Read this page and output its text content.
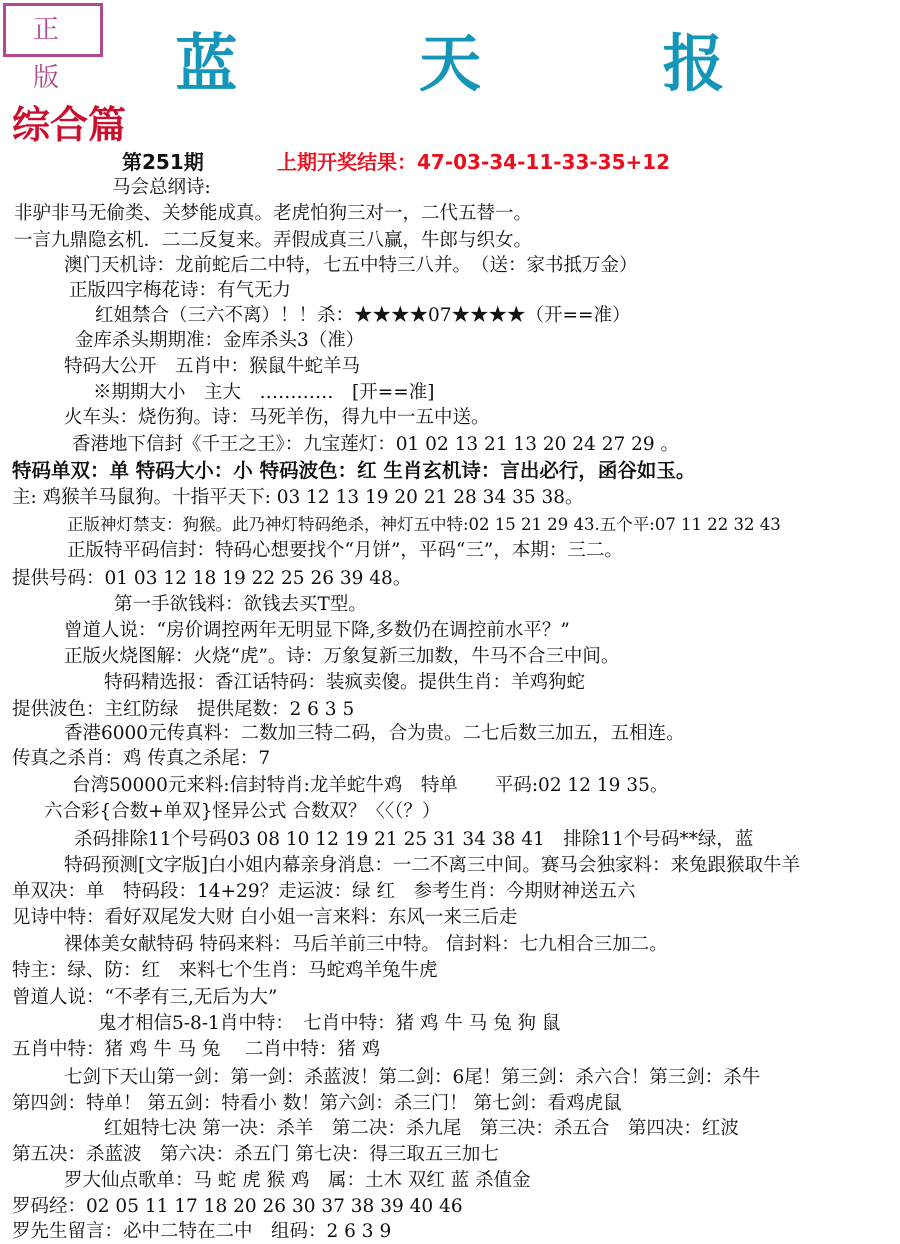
正 版	蓝 天 报
综合篇
第251期	上期开奖结果：47-03-34-11-33-35+12
马会总纲诗:
非驴非马无偷类、关梦能成真。老虎怕狗三对一，二代五替一。
一言九鼎隐玄机．二二反复来。弄假成真三八赢，牛郎与织女。
澳门天机诗：龙前蛇后二中特，七五中特三八并。　（送：家书抵万金）
正版四字梅花诗：有气无力
红姐禁合（三六不离）！！杀：★★★★07★★★★（开==准）
金库杀头期期准：金库杀头3（准）
特码大公开　五肖中：猴鼠牛蛇羊马
※期期大小　主大　…………　[开==准]
火车头：烧伤狗。诗：马死羊伤，得九中一五中送。
香港地下信封《千王之王》：九宝莲灯：01 02 13 21 13 20 24 27 29 。
特码单双：单 特码大小：小 特码波色：红 生肖玄机诗：言出必行，函谷如玉。
主: 鸡猴羊马鼠狗。十指平天下: 03 12 13 19 20 21 28 34 35 38。
正版神灯禁支：狗猴。此乃神灯特码绝杀，神灯五中特:02 15 21 29 43.五个平:07 11 22 32 43
正版特平码信封：特码心想要找个“月饼”，平码“三”，本期：三二。
提供号码：01 03 12 18 19 22 25 26 39 48。
第一手欲钱料：欲钱去买T型。
曾道人说：“房价调控两年无明显下降,多数仍在调控前水平？”
正版火烧图解：火烧“虎”。诗：万象复新三加数，牛马不合三中间。
特码精选报：香江话特码：装疯卖傻。提供生肖：羊鸡狗蛇
提供波色：主红防绿　提供尾数：2 6 3 5
香港6000元传真料：二数加三特二码，合为贵。二七后数三加五，五相连。
传真之杀肖：鸡 传真之杀尾：7
台湾50000元来料:信封特肖:龙羊蛇牛鸡　特单　　平码:02 12 19 35。
六合彩{合数+单双}怪异公式 合数双？〈〈（？）
杀码排除11个号码03 08 10 12 19 21 25 31 34 38 41　排除11个号码**绿，蓝
特码预测[文字版]白小姐内幕亲身消息：一二不离三中间。赛马会独家料：来兔跟猴取牛羊
单双决：单　特码段：14+29？走运波：绿 红　参考生肖：今期财神送五六
见诗中特：看好双尾发大财 白小姐一言来料：东风一来三后走
裸体美女献特码 特码来料：马后羊前三中特。 信封料：七九相合三加二。
特主：绿、防：红　来料七个生肖：马蛇鸡羊兔牛虎
曾道人说：“不孝有三,无后为大”
鬼才相信5-8-1肖中特：　七肖中特：猪 鸡 牛 马 兔 狗 鼠
五肖中特：猪 鸡 牛 马 兔　 二肖中特：猪 鸡
七剑下天山第一剑：第一剑：杀蓝波！第二剑：6尾！第三剑：杀六合！第三剑：杀牛
第四剑：特单！ 第五剑：特看小 数！第六剑：杀三门！ 第七剑：看鸡虎鼠
红姐特七决 第一决：杀羊　第二决：杀九尾　第三决：杀五合　第四决：红波
第五决：杀蓝波　第六决：杀五门 第七决：得三取五三加七
罗大仙点歌单：马 蛇 虎 猴 鸡　属：土木 双红 蓝 杀值金
罗码经：02 05 11 17 18 20 26 30 37 38 39 40 46
罗先生留言：必中二特在二中　组码：2 6 3 9
